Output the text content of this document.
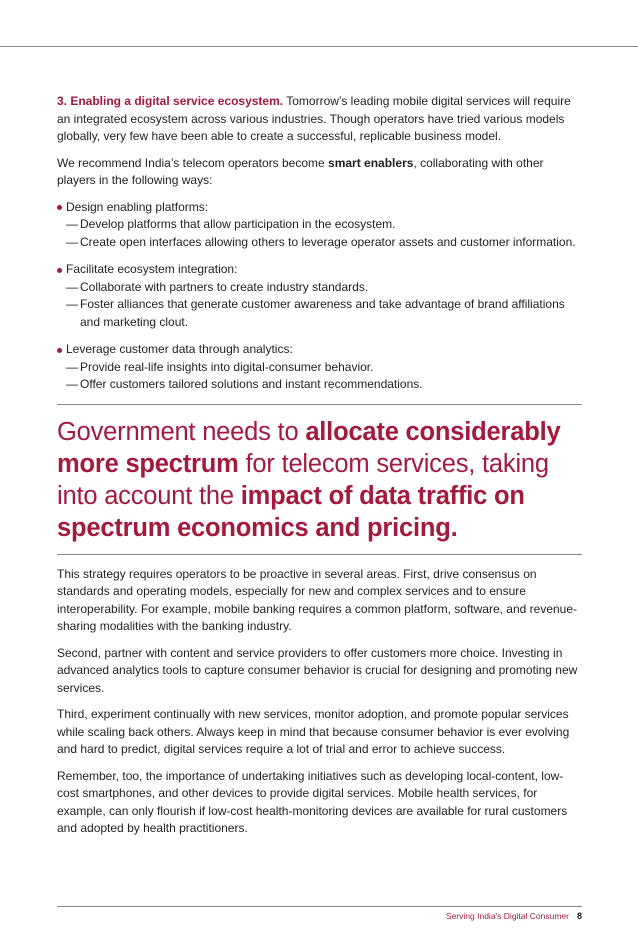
3. Enabling a digital service ecosystem. Tomorrow’s leading mobile digital services will require an integrated ecosystem across various industries. Though operators have tried various models globally, very few have been able to create a successful, replicable business model.

We recommend India’s telecom operators become smart enablers, collaborating with other players in the following ways:

Design enabling platforms:
— Develop platforms that allow participation in the ecosystem.
— Create open interfaces allowing others to leverage operator assets and customer information.
Facilitate ecosystem integration:
— Collaborate with partners to create industry standards.
— Foster alliances that generate customer awareness and take advantage of brand affiliations and marketing clout.
Leverage customer data through analytics:
— Provide real-life insights into digital-consumer behavior.
— Offer customers tailored solutions and instant recommendations.
Government needs to allocate considerably more spectrum for telecom services, taking into account the impact of data traffic on spectrum economics and pricing.

This strategy requires operators to be proactive in several areas. First, drive consensus on standards and operating models, especially for new and complex services and to ensure interoperability. For example, mobile banking requires a common platform, software, and revenue-sharing modalities with the banking industry.

Second, partner with content and service providers to offer customers more choice. Investing in advanced analytics tools to capture consumer behavior is crucial for designing and promoting new services.

Third, experiment continually with new services, monitor adoption, and promote popular services while scaling back others. Always keep in mind that because consumer behavior is ever evolving and hard to predict, digital services require a lot of trial and error to achieve success.

Remember, too, the importance of undertaking initiatives such as developing local-content, low-cost smartphones, and other devices to provide digital services. Mobile health services, for example, can only flourish if low-cost health-monitoring devices are available for rural customers and adopted by health practitioners.

Serving India's Digital Consumer 8
